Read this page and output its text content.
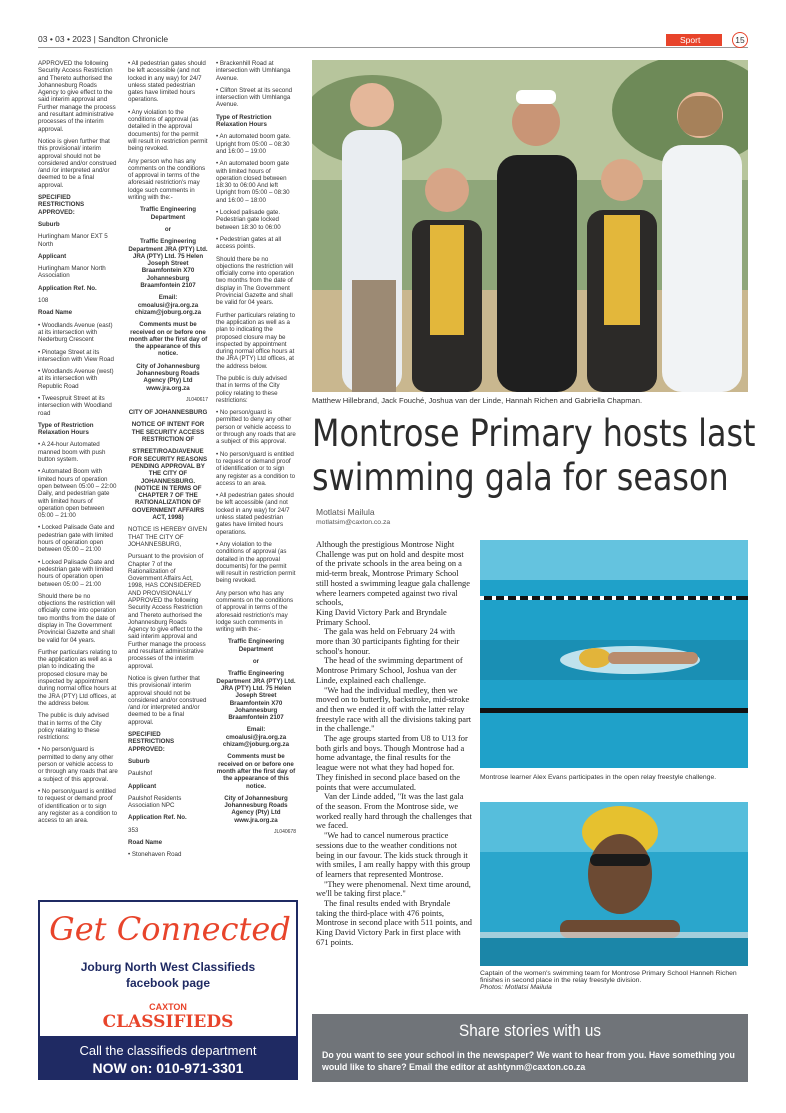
03 • 03 • 2023 | Sandton Chronicle	Sport	15

APPROVED the following Security Access Restriction and Thereto authorised the Johannesburg Roads Agency to give effect to the said interim approval and Further manage the process and resultant administrative processes of the interim approval.

Notice is given further that this provisional/ interim approval should not be considered and/or construed /and /or interpreted and/or deemed to be a final approval.

SPECIFIED RESTRICTIONS APPROVED:

Suburb

Hurlingham Manor EXT 5 North

Applicant

Hurlingham Manor North Association

Application Ref. No.

108

Road Name

• Woodlands Avenue (east) at its intersection with Nederburg Crescent

• Pinotage Street at its intersection with View Road

• Woodlands Avenue (west) at its intersection with Republic Road

• Tweespruit Street at its intersection with Woodland road

Type of Restriction Relaxation Hours

• A 24-hour Automated manned boom with push button system.

• Automated Boom with limited hours of operation open between 05:00 – 22:00 Daily, and pedestrian gate with limited hours of operation open between 05:00 – 21:00

• Locked Palisade Gate and pedestrian gate with limited hours of operation open between 05:00 – 21:00

• Locked Palisade Gate and pedestrian gate with limited hours of operation open between 05:00 – 21:00

Should there be no objections the restriction will officially come into operation two months from the date of display in The Government Provincial Gazette and shall be valid for 04 years.

Further particulars relating to the application as well as a plan to indicating the proposed closure may be inspected by appointment during normal office hours at the JRA (PTY) Ltd offices, at the address below.

The public is duly advised that in terms of the City policy relating to these restrictions:

• No person/guard is permitted to deny any other person or vehicle access to or through any roads that are a subject of this approval.

• No person/guard is entitled to request or demand proof of identification or to sign any register as a condition to access to an area.

• All pedestrian gates should be left accessible (and not locked in any way) for 24/7 unless stated pedestrian gates have limited hours operations.

• Any violation to the conditions of approval (as detailed in the approval documents) for the permit will result in restriction permit being revoked.

Any person who has any comments on the conditions of approval in terms of the aforesaid restriction's may lodge such comments in writing with the:-

Traffic Engineering Department

or

Traffic Engineering Department JRA (PTY) Ltd. JRA (PTY) Ltd. 75 Helen Joseph Street Braamfontein X70 Johannesburg Braamfontein 2107

Email: cmoalusi@jra.org.za chizam@joburg.org.za

Comments must be received on or before one month after the first day of the appearance of this notice.

City of Johannesburg Johannesburg Roads Agency (Pty) Ltd www.jra.org.za

JL040617

CITY OF JOHANNESBURG

NOTICE OF INTENT FOR THE SECURITY ACCESS RESTRICTION OF

STREET/ROAD/AVENUE FOR SECURITY REASONS PENDING APPROVAL BY THE CITY OF JOHANNESBURG. (NOTICE IN TERMS OF CHAPTER 7 OF THE RATIONALIZATION OF GOVERNMENT AFFAIRS ACT, 1998)

NOTICE IS HEREBY GIVEN THAT THE CITY OF JOHANNESBURG,

Pursuant to the provision of Chapter 7 of the Rationalization of Government Affairs Act, 1998, HAS CONSIDERED AND PROVISIONALLY APPROVED the following Security Access Restriction and Thereto authorised the Johannesburg Roads Agency to give effect to the said interim approval and Further manage the process and resultant administrative processes of the interim approval.

Notice is given further that this provisional/ interim approval should not be considered and/or construed /and /or interpreted and/or deemed to be a final approval.

SPECIFIED RESTRICTIONS APPROVED:

Suburb

Paulshof

Applicant

Paulshof Residents Association NPC

Application Ref. No.

353

Road Name

• Stonehaven Road

• Brackenhill Road at intersection with Umhlanga Avenue.

• Clifton Street at its second intersection with Umhlanga Avenue.

Type of Restriction Relaxation Hours

• An automated boom gate. Upright from 05:00 – 08:30 and 16:00 – 19:00

• An automated boom gate with limited hours of operation closed between 18:30 to 06:00 And left Upright from 05:00 – 08:30 and 16:00 – 18:00

• Locked palisade gate. Pedestrian gate locked between 18:30 to 06:00

• Pedestrian gates at all access points.

Should there be no objections the restriction will officially come into operation two months from the date of display in The Government Provincial Gazette and shall be valid for 04 years.

Further particulars relating to the application as well as a plan to indicating the proposed closure may be inspected by appointment during normal office hours at the JRA (PTY) Ltd offices, at the address below.

The public is duly advised that in terms of the City policy relating to these restrictions:

• No person/guard is permitted to deny any other person or vehicle access to or through any roads that are a subject of this approval.

• No person/guard is entitled to request or demand proof of identification or to sign any register as a condition to access to an area.

• All pedestrian gates should be left accessible (and not locked in any way) for 24/7 unless stated pedestrian gates have limited hours operations.

• Any violation to the conditions of approval (as detailed in the approval documents) for the permit will result in restriction permit being revoked.

Any person who has any comments on the conditions of approval in terms of the aforesaid restriction's may lodge such comments in writing with the:-

Traffic Engineering Department

or

Traffic Engineering Department JRA (PTY) Ltd. JRA (PTY) Ltd. 75 Helen Joseph Street Braamfontein X70 Johannesburg Braamfontein 2107

Email: cmoalusi@jra.org.za chizam@joburg.org.za

Comments must be received on or before one month after the first day of the appearance of this notice.

City of Johannesburg Johannesburg Roads Agency (Pty) Ltd www.jra.org.za

JL040678

Get Connected
Joburg North West Classifieds
facebook page
CAXTON
CLASSIFIEDS
Call the classifieds department
NOW on: 010-971-3301
Matthew Hillebrand, Jack Fouché, Joshua van der Linde, Hannah Richen and Gabriella Chapman.
Montrose Primary hosts last
swimming gala for season
Motlatsi Mailula
motlatsim@caxton.co.za

Although the prestigious Montrose Night Challenge was put on hold and despite most of the private schools in the area being on a mid-term break, Montrose Primary School still hosted a swimming league gala challenge where learners competed against two rival schools,

King David Victory Park and Bryndale Primary School.

The gala was held on February 24 with more than 30 participants fighting for their school's honour.

The head of the swimming department of Montrose Primary School, Joshua van der Linde, explained each challenge.

"We had the individual medley, then we moved on to butterfly, backstroke, mid-stroke and then we ended it off with the latter relay freestyle race with all the divisions taking part in the challenge."

The age groups started from U8 to U13 for both girls and boys. Though Montrose had a home advantage, the final results for the league were not what they had hoped for. They finished in second place based on the points that were accumulated.

Van der Linde added, "It was the last gala of the season. From the Montrose side, we worked really hard through the challenges that we faced.

"We had to cancel numerous practice sessions due to the weather conditions not being in our favour. The kids stuck through it with smiles, I am really happy with this group of learners that represented Montrose.

"They were phenomenal. Next time around, we'll be taking first place."

The final results ended with Bryndale taking the third-place with 476 points, Montrose in second place with 511 points, and King David Victory Park in first place with 671 points.

Montrose learner Alex Evans participates in the open relay freestyle challenge.
Captain of the women's swimming team for Montrose Primary School Hanneh Richen finishes in second place in the relay freestyle division.
Photos: Motlatsi Mailula
Share stories with us
Do you want to see your school in the newspaper? We want to hear from you. Have something you would like to share? Email the editor at ashtynm@caxton.co.za
